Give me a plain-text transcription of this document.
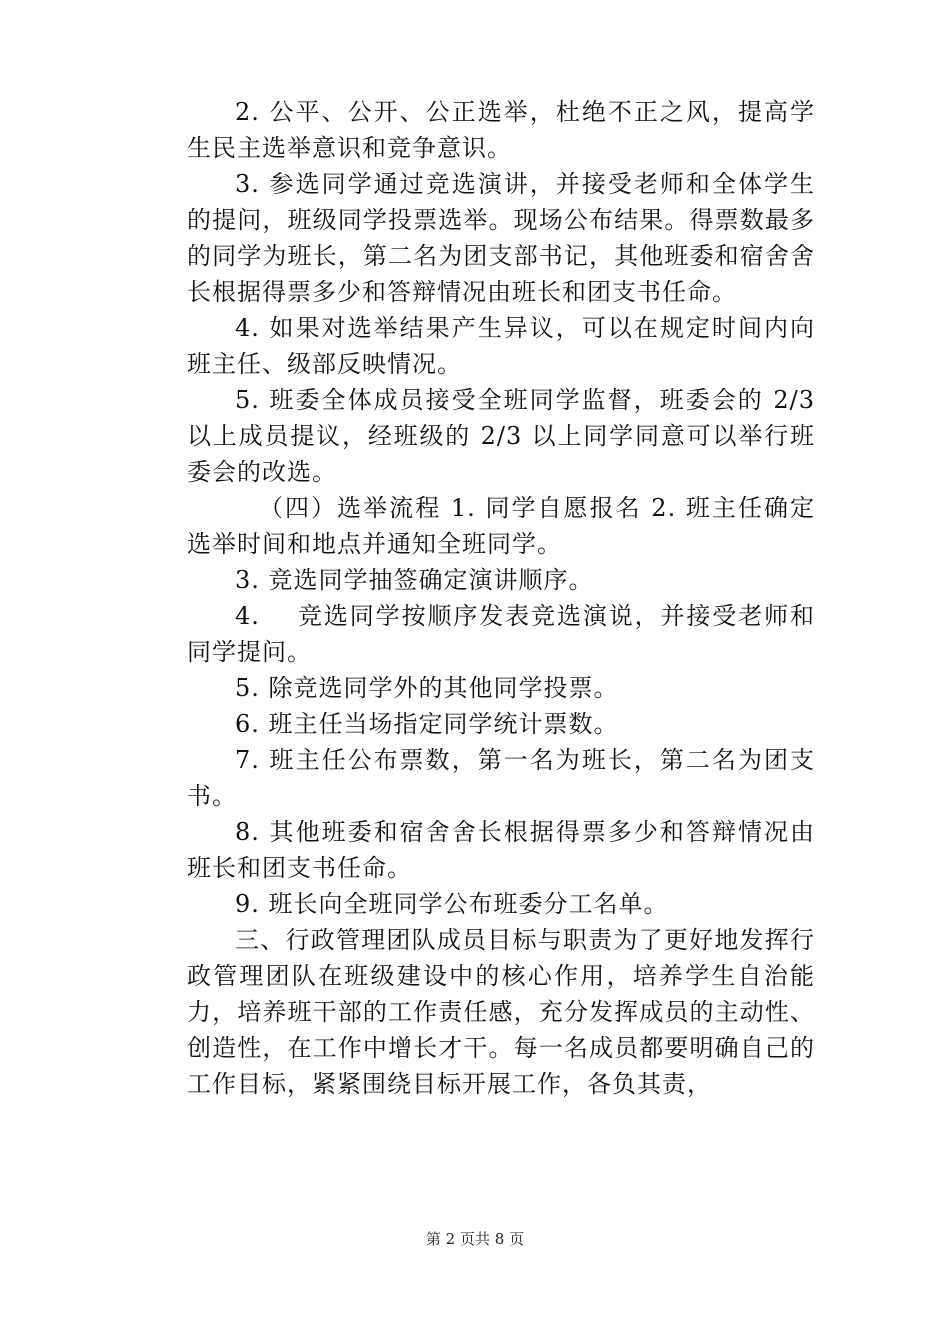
2. 公平、公开、公正选举，杜绝不正之风，提高学生民主选举意识和竞争意识。

3. 参选同学通过竞选演讲，并接受老师和全体学生的提问，班级同学投票选举。现场公布结果。得票数最多的同学为班长，第二名为团支部书记，其他班委和宿舍舍长根据得票多少和答辩情况由班长和团支书任命。

4. 如果对选举结果产生异议，可以在规定时间内向班主任、级部反映情况。

5. 班委全体成员接受全班同学监督，班委会的 2/3 以上成员提议，经班级的 2/3 以上同学同意可以举行班委会的改选。

（四）选举流程 1. 同学自愿报名 2. 班主任确定选举时间和地点并通知全班同学。

3. 竞选同学抽签确定演讲顺序。

4.    竞选同学按顺序发表竞选演说，并接受老师和同学提问。

5. 除竞选同学外的其他同学投票。

6. 班主任当场指定同学统计票数。

7. 班主任公布票数，第一名为班长，第二名为团支书。

8. 其他班委和宿舍舍长根据得票多少和答辩情况由班长和团支书任命。

9. 班长向全班同学公布班委分工名单。

三、行政管理团队成员目标与职责为了更好地发挥行政管理团队在班级建设中的核心作用，培养学生自治能力，培养班干部的工作责任感，充分发挥成员的主动性、创造性，在工作中增长才干。每一名成员都要明确自己的工作目标，紧紧围绕目标开展工作，各负其责，

第 2 页共 8 页
